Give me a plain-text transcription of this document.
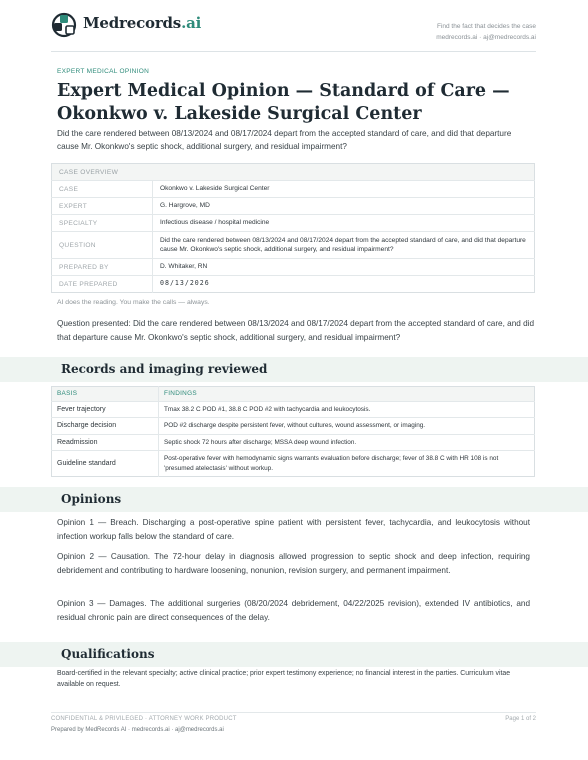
Medrecords.ai	Find the fact that decides the case
medrecords.ai · aj@medrecords.ai
EXPERT MEDICAL OPINION
Expert Medical Opinion — Standard of Care — Okonkwo v. Lakeside Surgical Center
Did the care rendered between 08/13/2024 and 08/17/2024 depart from the accepted standard of care, and did that departure cause Mr. Okonkwo's septic shock, additional surgery, and residual impairment?
CASE OVERVIEW	
CASE	Okonkwo v. Lakeside Surgical Center
EXPERT	G. Hargrove, MD
SPECIALTY	Infectious disease / hospital medicine
QUESTION	Did the care rendered between 08/13/2024 and 08/17/2024 depart from the accepted standard of care, and did that departure cause Mr. Okonkwo's septic shock, additional surgery, and residual impairment?
PREPARED BY	D. Whitaker, RN
DATE PREPARED	08/13/2026
AI does the reading. You make the calls — always.
Question presented: Did the care rendered between 08/13/2024 and 08/17/2024 depart from the accepted standard of care, and did that departure cause Mr. Okonkwo's septic shock, additional surgery, and residual impairment?
Records and imaging reviewed
BASIS	FINDINGS
Fever trajectory	Tmax 38.2 C POD #1, 38.8 C POD #2 with tachycardia and leukocytosis.
Discharge decision	POD #2 discharge despite persistent fever, without cultures, wound assessment, or imaging.
Readmission	Septic shock 72 hours after discharge; MSSA deep wound infection.
Guideline standard	Post-operative fever with hemodynamic signs warrants evaluation before discharge; fever of 38.8 C with HR 108 is not 'presumed atelectasis' without workup.
Opinions

Opinion 1 — Breach. Discharging a post-operative spine patient with persistent fever, tachycardia, and leukocytosis without infection workup falls below the standard of care.

Opinion 2 — Causation. The 72-hour delay in diagnosis allowed progression to septic shock and deep infection, requiring debridement and contributing to hardware loosening, nonunion, revision surgery, and permanent impairment.

Opinion 3 — Damages. The additional surgeries (08/20/2024 debridement, 04/22/2025 revision), extended IV antibiotics, and residual chronic pain are direct consequences of the delay.

Qualifications

Board-certified in the relevant specialty; active clinical practice; prior expert testimony experience; no financial interest in the parties. Curriculum vitae available on request.

CONFIDENTIAL & PRIVILEGED · ATTORNEY WORK PRODUCT
Prepared by MedRecords AI · medrecords.ai · aj@medrecords.ai
Page 1 of 2
